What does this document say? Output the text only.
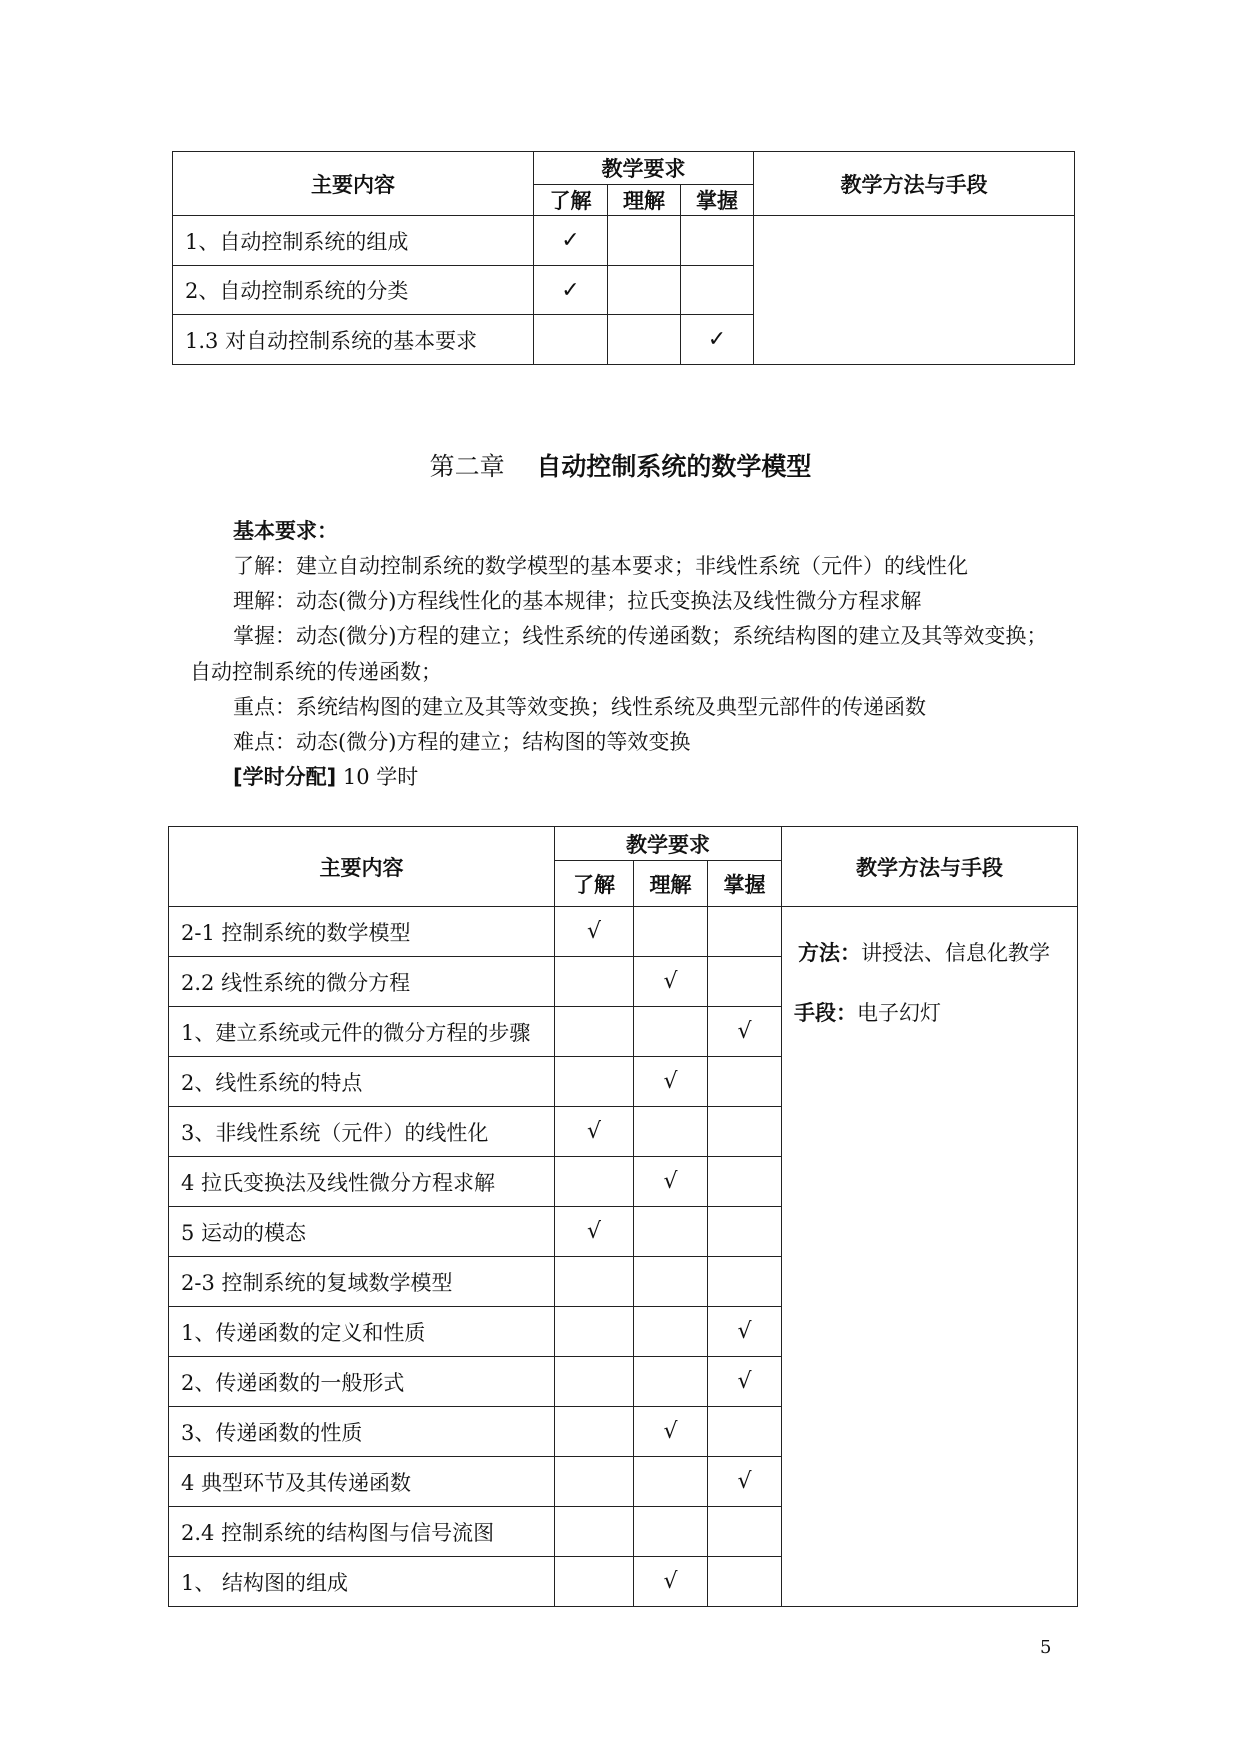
主要内容	教学要求			教学方法与手段
	了解	理解	掌握	
1、自动控制系统的组成	✓			
2、自动控制系统的分类	✓			
1.3 对自动控制系统的基本要求			✓	
第二章 自动控制系统的数学模型
基本要求：
了解：建立自动控制系统的数学模型的基本要求；非线性系统（元件）的线性化
理解：动态(微分)方程线性化的基本规律；拉氏变换法及线性微分方程求解
掌握：动态(微分)方程的建立；线性系统的传递函数；系统结构图的建立及其等效变换；
自动控制系统的传递函数；
重点：系统结构图的建立及其等效变换；线性系统及典型元部件的传递函数
难点：动态(微分)方程的建立；结构图的等效变换
[学时分配] 10 学时
主要内容	教学要求			教学方法与手段
	了解	理解	掌握	
2-1 控制系统的数学模型	√			
2.2 线性系统的微分方程		√		
1、建立系统或元件的微分方程的步骤			√	
2、线性系统的特点		√		
3、非线性系统（元件）的线性化	√			
4 拉氏变换法及线性微分方程求解		√		
5 运动的模态	√			
2-3 控制系统的复域数学模型				
1、传递函数的定义和性质			√	
2、传递函数的一般形式			√	
3、传递函数的性质		√		
4 典型环节及其传递函数			√	
2.4 控制系统的结构图与信号流图				
1、 结构图的组成		√		
方法：讲授法、信息化教学
手段：电子幻灯
5
